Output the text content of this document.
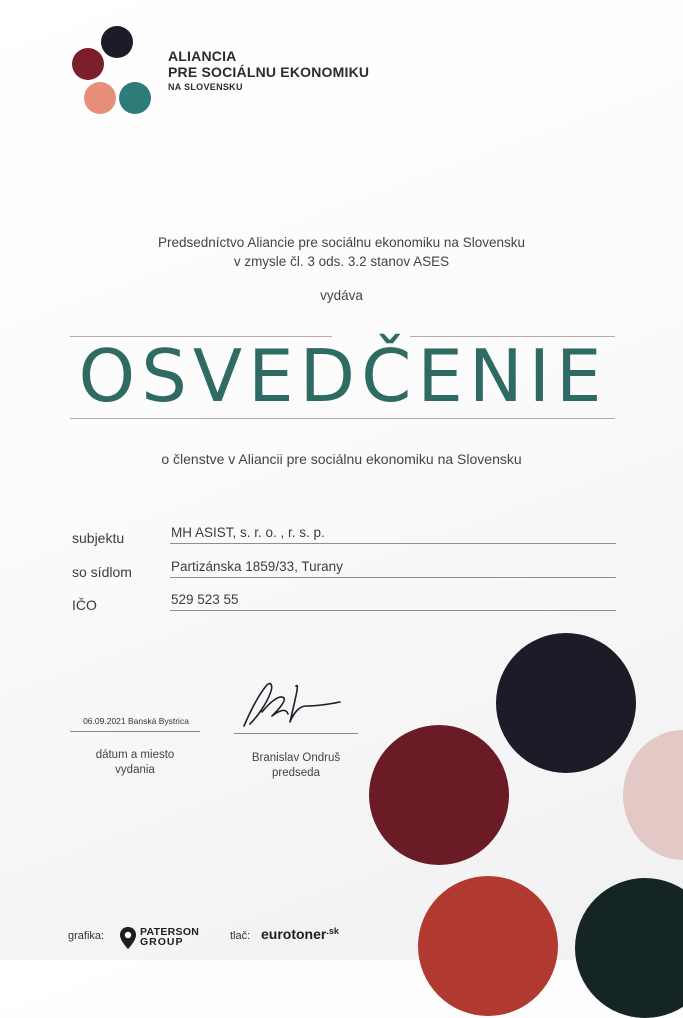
ALIANCIA
PRE SOCIÁLNU EKONOMIKU
NA SLOVENSKU
Predsedníctvo Aliancie pre sociálnu ekonomiku na Slovensku
v zmysle čl. 3 ods. 3.2 stanov ASES
vydáva
OSVEDČENIE
o členstve v Aliancii pre sociálnu ekonomiku na Slovensku
subjektu	MH ASIST, s. r. o. , r. s. p.
so sídlom	Partizánska 1859/33, Turany
IČO	529 523 55
06.09.2021 Banská Bystrica
dátum a miesto
vydania
Branislav Ondruš
predseda
grafika:	PATERSON
GROUP	tlač: eurotoner$^{.sk}$
